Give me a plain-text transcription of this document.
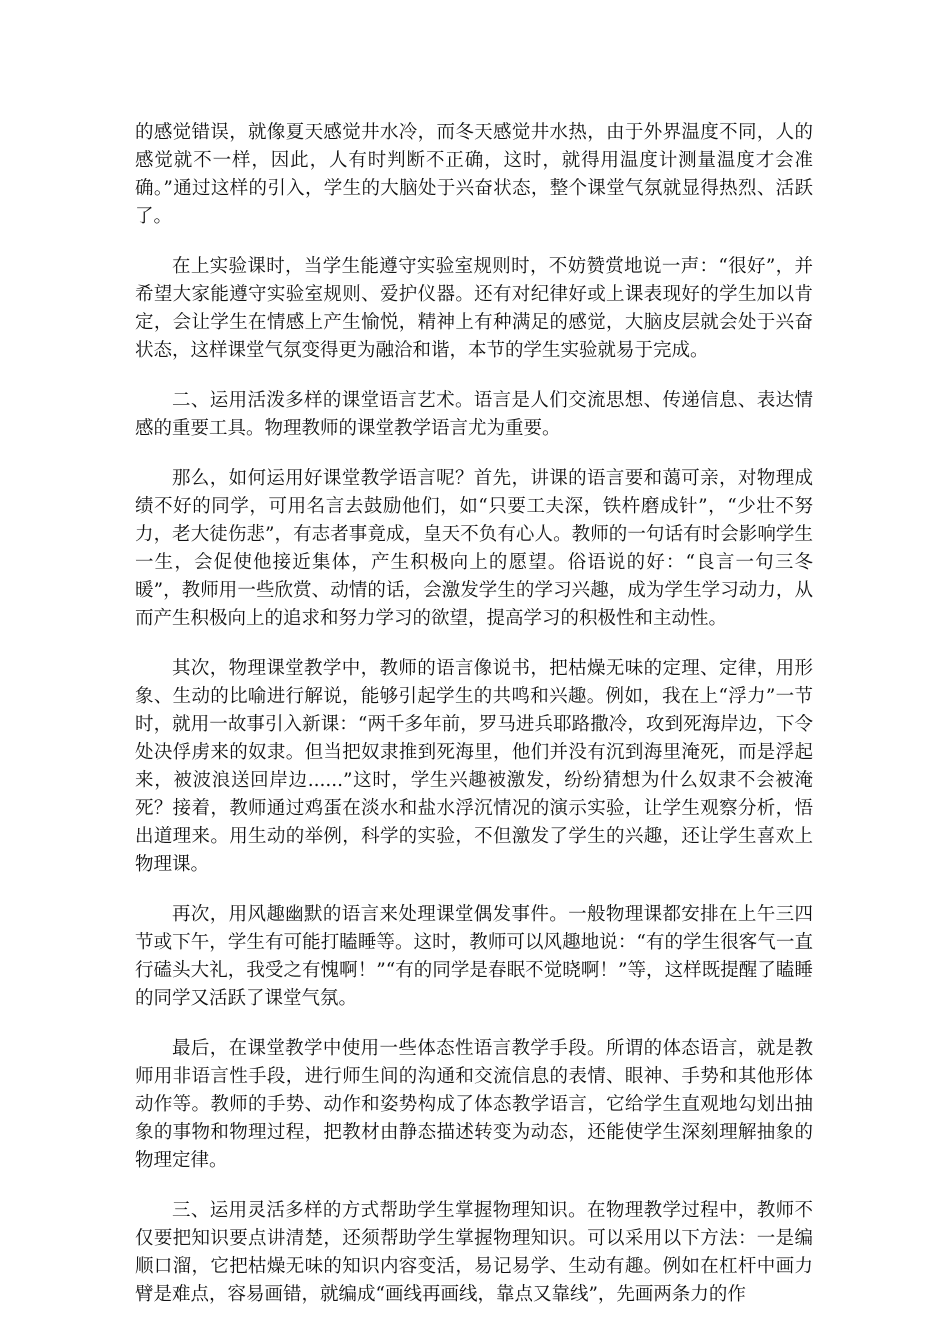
的感觉错误，就像夏天感觉井水冷，而冬天感觉井水热，由于外界温度不同，人的感觉就不一样，因此，人有时判断不正确，这时，就得用温度计测量温度才会准确。”通过这样的引入，学生的大脑处于兴奋状态，整个课堂气氛就显得热烈、活跃了。

在上实验课时，当学生能遵守实验室规则时，不妨赞赏地说一声：“很好”，并希望大家能遵守实验室规则、爱护仪器。还有对纪律好或上课表现好的学生加以肯定，会让学生在情感上产生愉悦，精神上有种满足的感觉，大脑皮层就会处于兴奋状态，这样课堂气氛变得更为融洽和谐，本节的学生实验就易于完成。

二、运用活泼多样的课堂语言艺术。语言是人们交流思想、传递信息、表达情感的重要工具。物理教师的课堂教学语言尤为重要。

那么，如何运用好课堂教学语言呢？首先，讲课的语言要和蔼可亲，对物理成绩不好的同学，可用名言去鼓励他们，如“只要工夫深，铁杵磨成针”，“少壮不努力，老大徒伤悲”，有志者事竟成，皇天不负有心人。教师的一句话有时会影响学生一生，会促使他接近集体，产生积极向上的愿望。俗语说的好：“良言一句三冬暖”，教师用一些欣赏、动情的话，会激发学生的学习兴趣，成为学生学习动力，从而产生积极向上的追求和努力学习的欲望，提高学习的积极性和主动性。

其次，物理课堂教学中，教师的语言像说书，把枯燥无味的定理、定律，用形象、生动的比喻进行解说，能够引起学生的共鸣和兴趣。例如，我在上“浮力”一节时，就用一故事引入新课：“两千多年前，罗马进兵耶路撒冷，攻到死海岸边，下令处决俘虏来的奴隶。但当把奴隶推到死海里，他们并没有沉到海里淹死，而是浮起来，被波浪送回岸边......”这时，学生兴趣被激发，纷纷猜想为什么奴隶不会被淹死？接着，教师通过鸡蛋在淡水和盐水浮沉情况的演示实验，让学生观察分析，悟出道理来。用生动的举例，科学的实验，不但激发了学生的兴趣，还让学生喜欢上物理课。

再次，用风趣幽默的语言来处理课堂偶发事件。一般物理课都安排在上午三四节或下午，学生有可能打瞌睡等。这时，教师可以风趣地说：“有的学生很客气一直行磕头大礼，我受之有愧啊！”“有的同学是春眠不觉晓啊！”等，这样既提醒了瞌睡的同学又活跃了课堂气氛。

最后，在课堂教学中使用一些体态性语言教学手段。所谓的体态语言，就是教师用非语言性手段，进行师生间的沟通和交流信息的表情、眼神、手势和其他形体动作等。教师的手势、动作和姿势构成了体态教学语言，它给学生直观地勾划出抽象的事物和物理过程，把教材由静态描述转变为动态，还能使学生深刻理解抽象的物理定律。

三、运用灵活多样的方式帮助学生掌握物理知识。在物理教学过程中，教师不仅要把知识要点讲清楚，还须帮助学生掌握物理知识。可以采用以下方法：一是编顺口溜，它把枯燥无味的知识内容变活，易记易学、生动有趣。例如在杠杆中画力臂是难点，容易画错，就编成“画线再画线，靠点又靠线”，先画两条力的作
